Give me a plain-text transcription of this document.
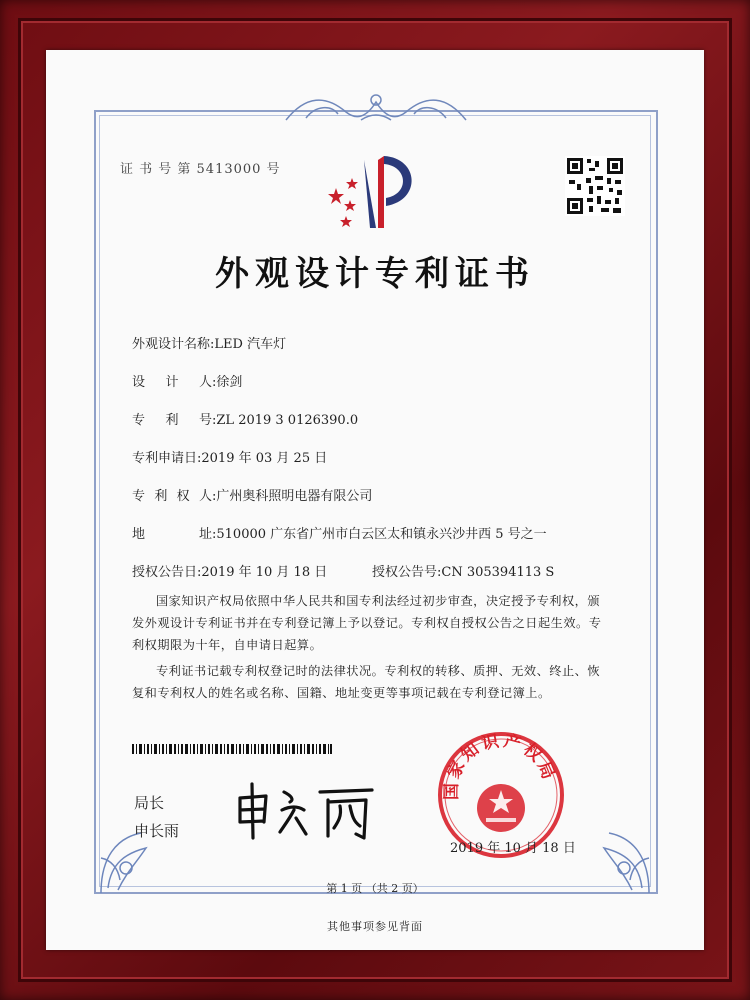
证 书 号 第 5413000 号
外观设计专利证书
外观设计名称:LED 汽车灯
设 计 人 :徐剑
专 利 号 :ZL 2019 3 0126390.0
专利申请日:2019 年 03 月 25 日
专 利 权 人 :广州奥科照明电器有限公司
地	址 :510000 广东省广州市白云区太和镇永兴沙井西 5 号之一
授权公告日:2019 年 10 月 18 日	授权公告号:CN 305394113 S
国家知识产权局依照中华人民共和国专利法经过初步审查，决定授予专利权，颁发外观设计专利证书并在专利登记簿上予以登记。专利权自授权公告之日起生效。专利权期限为十年，自申请日起算。
专利证书记载专利权登记时的法律状况。专利权的转移、质押、无效、终止、恢复和专利权人的姓名或名称、国籍、地址变更等事项记载在专利登记簿上。
局长
申长雨
国家知识产权局
2019 年 10 月 18 日
第 1 页 （共 2 页）
其他事项参见背面
